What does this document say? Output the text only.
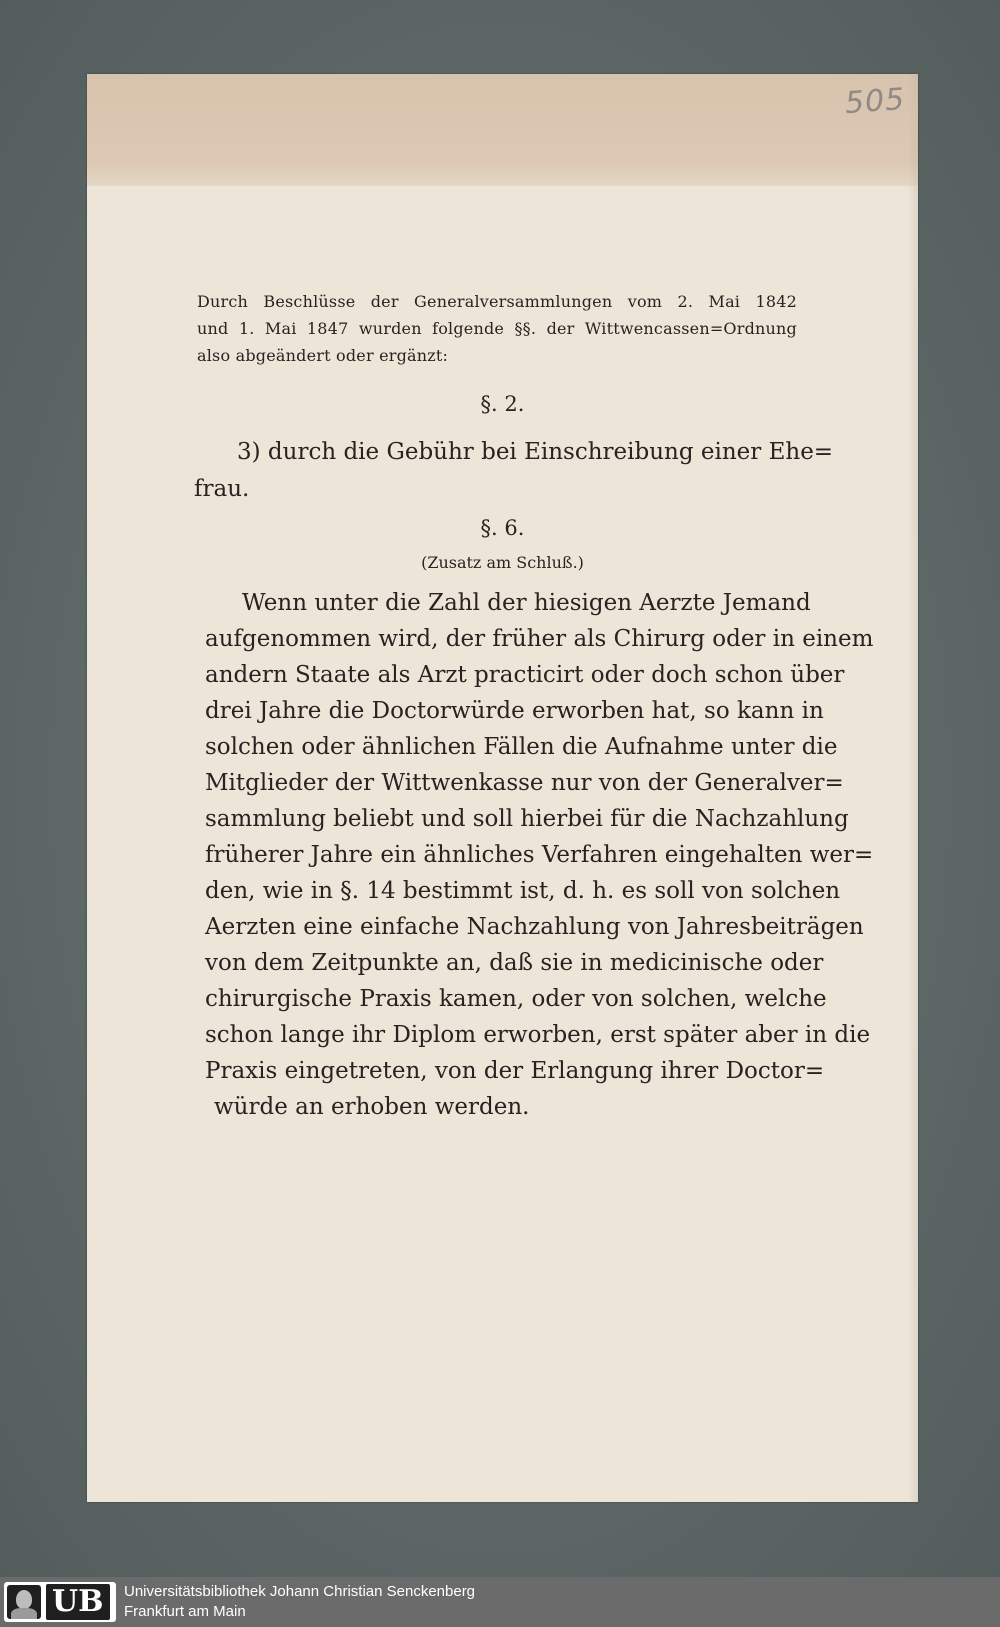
505
Durch Beschlüsse der Generalversammlungen vom 2. Mai 1842
und 1. Mai 1847 wurden folgende §§. der Wittwencassen=Ordnung
also abgeändert oder ergänzt:
§. 2.
3) durch die Gebühr bei Einschreibung einer Ehe=
frau.
§. 6.
(Zusatz am Schluß.)
Wenn unter die Zahl der hiesigen Aerzte Jemand
aufgenommen wird, der früher als Chirurg oder in einem
andern Staate als Arzt practicirt oder doch schon über
drei Jahre die Doctorwürde erworben hat, so kann in
solchen oder ähnlichen Fällen die Aufnahme unter die
Mitglieder der Wittwenkasse nur von der Generalver=
sammlung beliebt und soll hierbei für die Nachzahlung
früherer Jahre ein ähnliches Verfahren eingehalten wer=
den, wie in §. 14 bestimmt ist, d. h. es soll von solchen
Aerzten eine einfache Nachzahlung von Jahresbeiträgen
von dem Zeitpunkte an, daß sie in medicinische oder
chirurgische Praxis kamen, oder von solchen, welche
schon lange ihr Diplom erworben, erst später aber in die
Praxis eingetreten, von der Erlangung ihrer Doctor=
würde an erhoben werden.
UB	Universitätsbibliothek Johann Christian Senckenberg
Frankfurt am Main
